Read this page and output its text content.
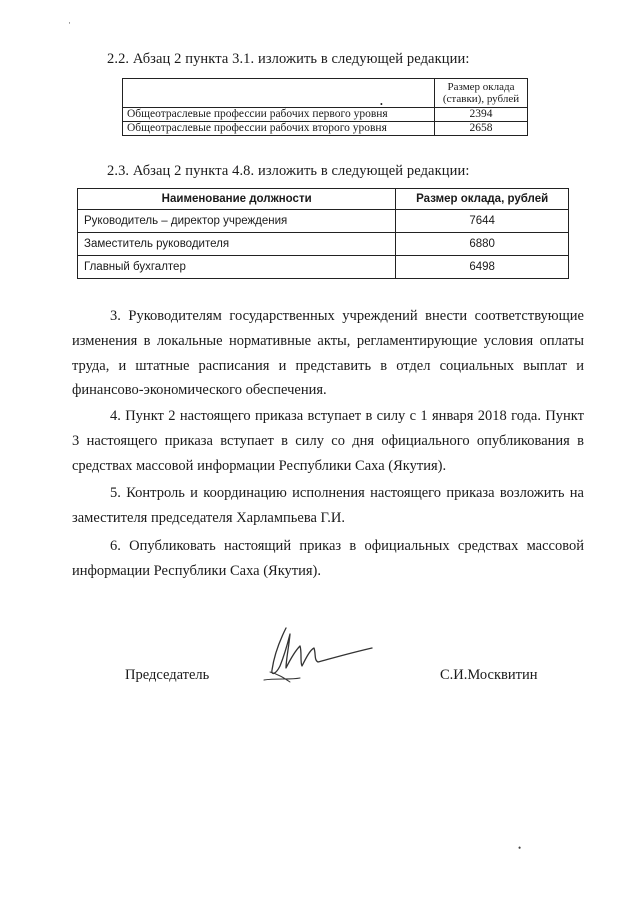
2.2. Абзац 2 пункта 3.1. изложить в следующей редакции:
•

	Размер оклада
(ставки), рублей

Общеотраслевые профессии рабочих первого уровня	2394
Общеотраслевые профессии рабочих второго уровня	2658
2.3. Абзац 2 пункта 4.8. изложить в следующей редакции:
Наименование должности	Размер оклада, рублей
Руководитель – директор учреждения	7644
Заместитель руководителя	6880
Главный бухгалтер	6498
3. Руководителям государственных учреждений внести соответствующие изменения в локальные нормативные акты, регламентирующие условия оплаты труда, и штатные расписания и представить в отдел социальных выплат и финансово-экономического обеспечения.
4. Пункт 2 настоящего приказа вступает в силу с 1 января 2018 года. Пункт 3 настоящего приказа вступает в силу со дня официального опубликования в средствах массовой информации Республики Саха (Якутия).
5. Контроль и координацию исполнения настоящего приказа возложить на заместителя председателя Харлампьева Г.И.
6. Опубликовать настоящий приказ в официальных средствах массовой информации Республики Саха (Якутия).
Председатель	С.И.Москвитин
·
•
